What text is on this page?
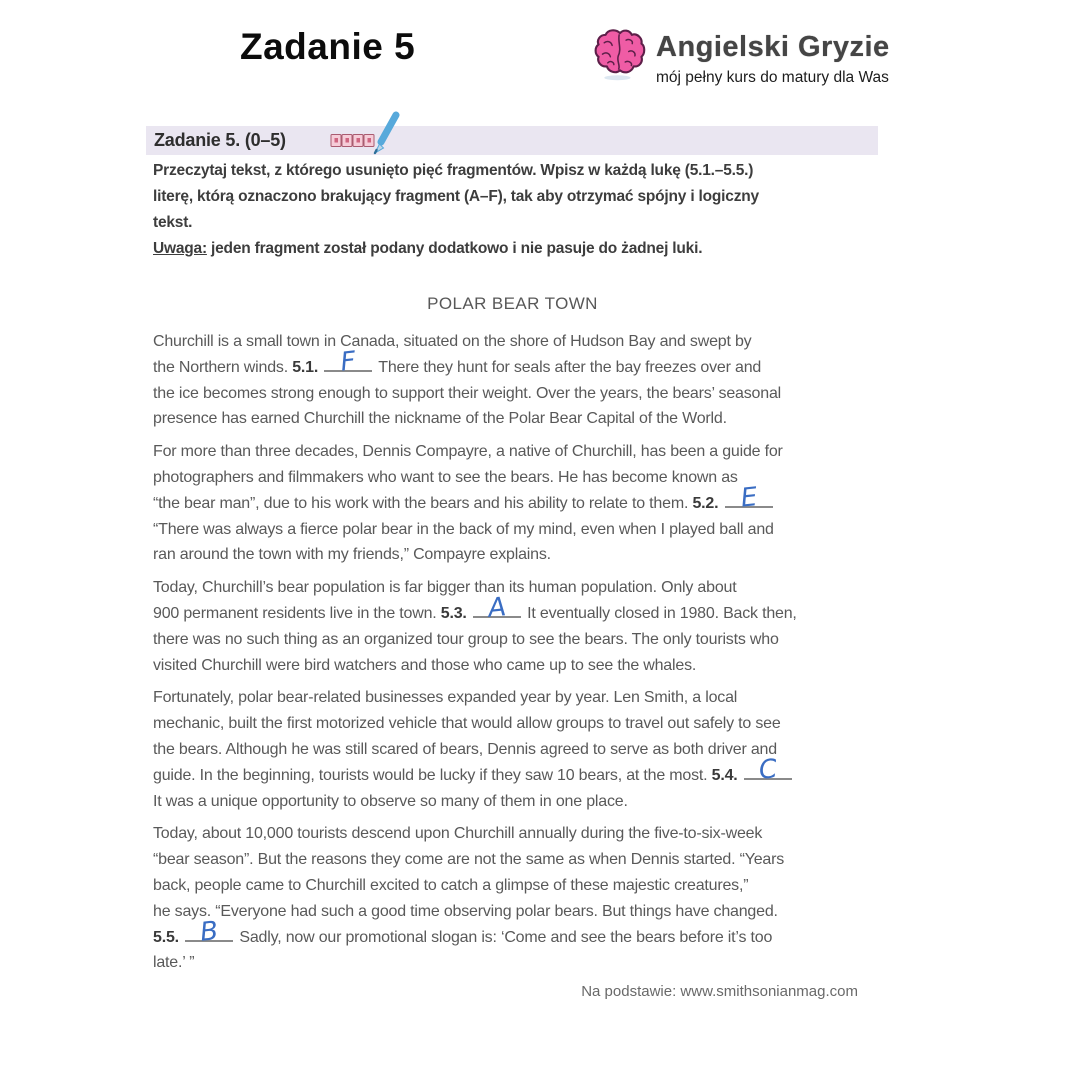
Zadanie 5	Angielski Gryzie
mój pełny kurs do matury dla Was
Zadanie 5. (0–5)
Przeczytaj tekst, z którego usunięto pięć fragmentów. Wpisz w każdą lukę (5.1.–5.5.)
literę, którą oznaczono brakujący fragment (A–F), tak aby otrzymać spójny i logiczny
tekst.
Uwaga: jeden fragment został podany dodatkowo i nie pasuje do żadnej luki.
POLAR BEAR TOWN
Churchill is a small town in Canada, situated on the shore of Hudson Bay and swept by
the Northern winds. 5.1. F There they hunt for seals after the bay freezes over and
the ice becomes strong enough to support their weight. Over the years, the bears’ seasonal
presence has earned Churchill the nickname of the Polar Bear Capital of the World.
For more than three decades, Dennis Compayre, a native of Churchill, has been a guide for
photographers and filmmakers who want to see the bears. He has become known as
“the bear man”, due to his work with the bears and his ability to relate to them. 5.2. E
“There was always a fierce polar bear in the back of my mind, even when I played ball and
ran around the town with my friends,” Compayre explains.
Today, Churchill’s bear population is far bigger than its human population. Only about
900 permanent residents live in the town. 5.3. A It eventually closed in 1980. Back then,
there was no such thing as an organized tour group to see the bears. The only tourists who
visited Churchill were bird watchers and those who came up to see the whales.
Fortunately, polar bear-related businesses expanded year by year. Len Smith, a local
mechanic, built the first motorized vehicle that would allow groups to travel out safely to see
the bears. Although he was still scared of bears, Dennis agreed to serve as both driver and
guide. In the beginning, tourists would be lucky if they saw 10 bears, at the most. 5.4. C
It was a unique opportunity to observe so many of them in one place.
Today, about 10,000 tourists descend upon Churchill annually during the five-to-six-week
“bear season”. But the reasons they come are not the same as when Dennis started. “Years
back, people came to Churchill excited to catch a glimpse of these majestic creatures,”
he says. “Everyone had such a good time observing polar bears. But things have changed.
5.5. B Sadly, now our promotional slogan is: ‘Come and see the bears before it’s too
late.’ ”
Na podstawie: www.smithsonianmag.com
